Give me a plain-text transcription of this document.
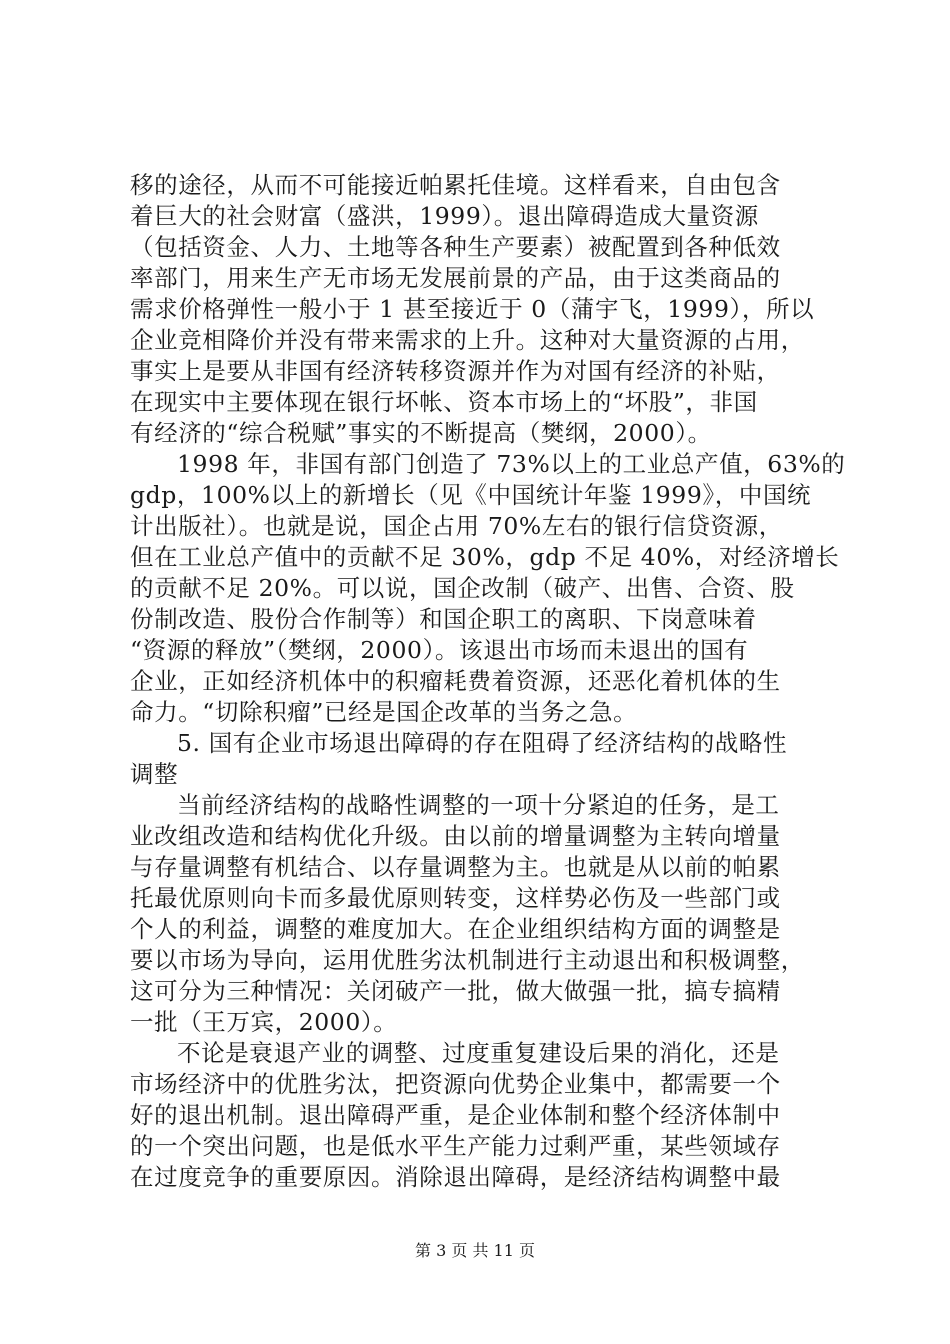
移的途径，从而不可能接近帕累托佳境。这样看来，自由包含
着巨大的社会财富（盛洪，1999）。退出障碍造成大量资源
（包括资金、人力、土地等各种生产要素）被配置到各种低效
率部门，用来生产无市场无发展前景的产品，由于这类商品的
需求价格弹性一般小于 1 甚至接近于 0（蒲宇飞，1999），所以
企业竞相降价并没有带来需求的上升。这种对大量资源的占用，
事实上是要从非国有经济转移资源并作为对国有经济的补贴，
在现实中主要体现在银行坏帐、资本市场上的“坏股”，非国
有经济的“综合税赋”事实的不断提高（樊纲，2000）。
1998 年，非国有部门创造了 73%以上的工业总产值，63%的
gdp，100%以上的新增长（见《中国统计年鉴 1999》，中国统
计出版社）。也就是说，国企占用 70%左右的银行信贷资源，
但在工业总产值中的贡献不足 30%，gdp 不足 40%，对经济增长
的贡献不足 20%。可以说，国企改制（破产、出售、合资、股
份制改造、股份合作制等）和国企职工的离职、下岗意味着
“资源的释放”（樊纲，2000）。该退出市场而未退出的国有
企业，正如经济机体中的积瘤耗费着资源，还恶化着机体的生
命力。“切除积瘤”已经是国企改革的当务之急。
5. 国有企业市场退出障碍的存在阻碍了经济结构的战略性
调整
当前经济结构的战略性调整的一项十分紧迫的任务，是工
业改组改造和结构优化升级。由以前的增量调整为主转向增量
与存量调整有机结合、以存量调整为主。也就是从以前的帕累
托最优原则向卡而多最优原则转变，这样势必伤及一些部门或
个人的利益，调整的难度加大。在企业组织结构方面的调整是
要以市场为导向，运用优胜劣汰机制进行主动退出和积极调整，
这可分为三种情况：关闭破产一批，做大做强一批，搞专搞精
一批（王万宾，2000）。
不论是衰退产业的调整、过度重复建设后果的消化，还是
市场经济中的优胜劣汰，把资源向优势企业集中，都需要一个
好的退出机制。退出障碍严重，是企业体制和整个经济体制中
的一个突出问题，也是低水平生产能力过剩严重，某些领域存
在过度竞争的重要原因。消除退出障碍，是经济结构调整中最
第 3 页 共 11 页
